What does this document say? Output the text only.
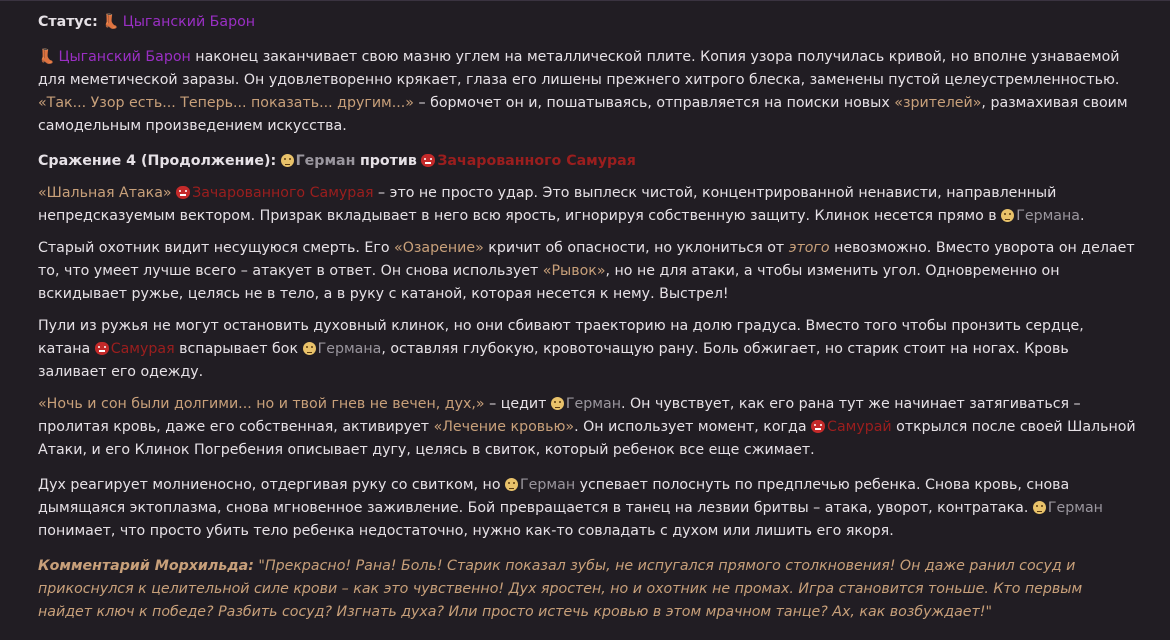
Статус: 👢 Цыганский Барон

👢 Цыганский Барон наконец заканчивает свою мазню углем на металлической плите. Копия узора получилась кривой, но вполне узнаваемой для меметической заразы. Он удовлетворенно крякает, глаза его лишены прежнего хитрого блеска, заменены пустой целеустремленностью. «Так... Узор есть... Теперь... показать... другим...» – бормочет он и, пошатываясь, отправляется на поиски новых «зрителей», размахивая своим самодельным произведением искусства.

Сражение 4 (Продолжение): Герман против Зачарованного Самурая

«Шальная Атака» Зачарованного Самурая – это не просто удар. Это выплеск чистой, концентрированной ненависти, направленный непредсказуемым вектором. Призрак вкладывает в него всю ярость, игнорируя собственную защиту. Клинок несется прямо в Германа.

Старый охотник видит несущуюся смерть. Его «Озарение» кричит об опасности, но уклониться от этого невозможно. Вместо уворота он делает то, что умеет лучше всего – атакует в ответ. Он снова использует «Рывок», но не для атаки, а чтобы изменить угол. Одновременно он вскидывает ружье, целясь не в тело, а в руку с катаной, которая несется к нему. Выстрел!

Пули из ружья не могут остановить духовный клинок, но они сбивают траекторию на долю градуса. Вместо того чтобы пронзить сердце, катана Самурая вспарывает бок Германа, оставляя глубокую, кровоточащую рану. Боль обжигает, но старик стоит на ногах. Кровь заливает его одежду.

«Ночь и сон были долгими... но и твой гнев не вечен, дух,» – цедит Герман. Он чувствует, как его рана тут же начинает затягиваться – пролитая кровь, даже его собственная, активирует «Лечение кровью». Он использует момент, когда Самурай открылся после своей Шальной Атаки, и его Клинок Погребения описывает дугу, целясь в свиток, который ребенок все еще сжимает.

Дух реагирует молниеносно, отдергивая руку со свитком, но Герман успевает полоснуть по предплечью ребенка. Снова кровь, снова дымящаяся эктоплазма, снова мгновенное заживление. Бой превращается в танец на лезвии бритвы – атака, уворот, контратака. Герман понимает, что просто убить тело ребенка недостаточно, нужно как-то совладать с духом или лишить его якоря.

Комментарий Морхильда: "Прекрасно! Рана! Боль! Старик показал зубы, не испугался прямого столкновения! Он даже ранил сосуд и прикоснулся к целительной силе крови – как это чувственно! Дух яростен, но и охотник не промах. Игра становится тоньше. Кто первым найдет ключ к победе? Разбить сосуд? Изгнать духа? Или просто истечь кровью в этом мрачном танце? Ах, как возбуждает!"
